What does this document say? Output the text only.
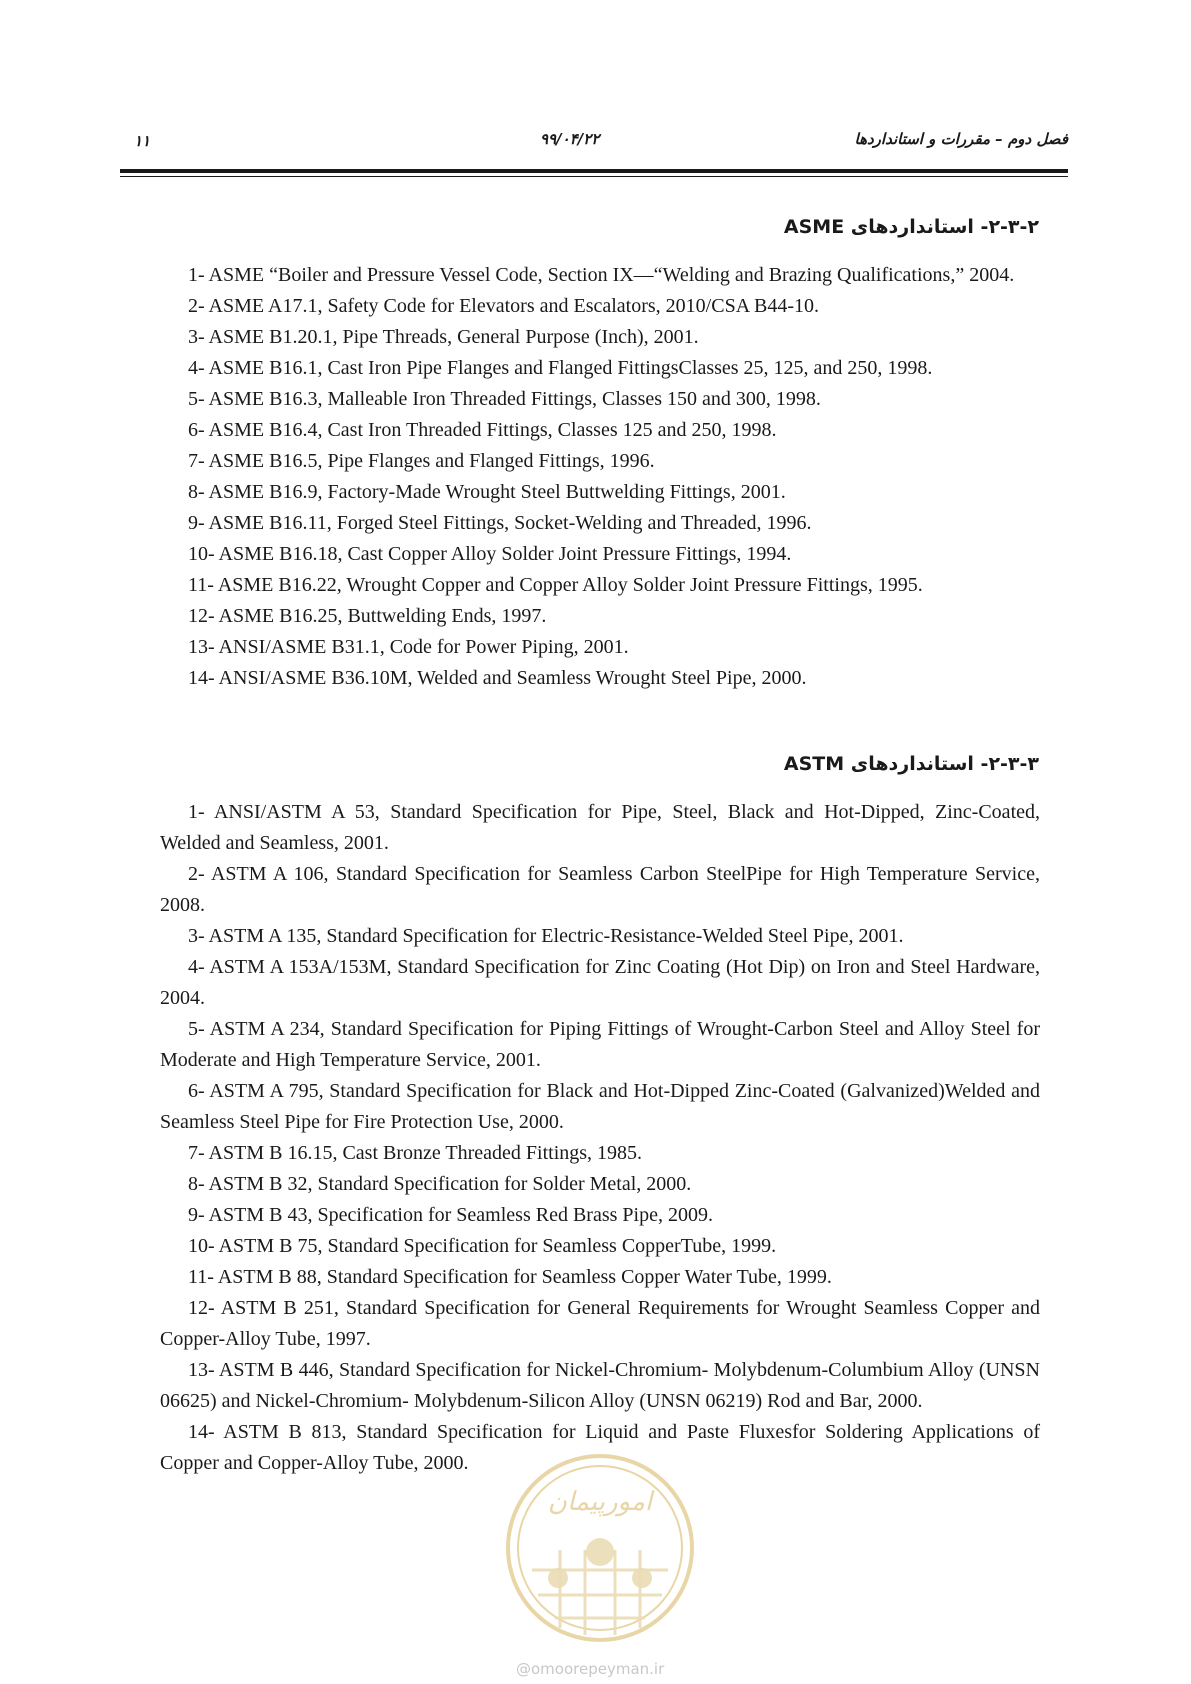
۱۱	۹۹/۰۴/۲۲	فصل دوم – مقررات و استانداردها
۲-۳-۲- استانداردهای ASME

1- ASME “Boiler and Pressure Vessel Code, Section IX—“Welding and Brazing Qualifications,” 2004.

2- ASME A17.1, Safety Code for Elevators and Escalators, 2010/CSA B44-10.

3- ASME B1.20.1, Pipe Threads, General Purpose (Inch), 2001.

4- ASME B16.1, Cast Iron Pipe Flanges and Flanged FittingsClasses 25, 125, and 250, 1998.

5- ASME B16.3, Malleable Iron Threaded Fittings, Classes 150 and 300, 1998.

6- ASME B16.4, Cast Iron Threaded Fittings, Classes 125 and 250, 1998.

7- ASME B16.5, Pipe Flanges and Flanged Fittings, 1996.

8- ASME B16.9, Factory-Made Wrought Steel Buttwelding Fittings, 2001.

9- ASME B16.11, Forged Steel Fittings, Socket-Welding and Threaded, 1996.

10- ASME B16.18, Cast Copper Alloy Solder Joint Pressure Fittings, 1994.

11- ASME B16.22, Wrought Copper and Copper Alloy Solder Joint Pressure Fittings, 1995.

12- ASME B16.25, Buttwelding Ends, 1997.

13- ANSI/ASME B31.1, Code for Power Piping, 2001.

14- ANSI/ASME B36.10M, Welded and Seamless Wrought Steel Pipe, 2000.

۲-۳-۳- استانداردهای ASTM

1- ANSI/ASTM A 53, Standard Specification for Pipe, Steel, Black and Hot-Dipped, Zinc-Coated, Welded and Seamless, 2001.

2- ASTM A 106, Standard Specification for Seamless Carbon SteelPipe for High Temperature Service, 2008.

3- ASTM A 135, Standard Specification for Electric-Resistance-Welded Steel Pipe, 2001.

4- ASTM A 153A/153M, Standard Specification for Zinc Coating (Hot Dip) on Iron and Steel Hardware, 2004.

5- ASTM A 234, Standard Specification for Piping Fittings of Wrought-Carbon Steel and Alloy Steel for Moderate and High Temperature Service, 2001.

6- ASTM A 795, Standard Specification for Black and Hot-Dipped Zinc-Coated (Galvanized)Welded and Seamless Steel Pipe for Fire Protection Use, 2000.

7- ASTM B 16.15, Cast Bronze Threaded Fittings, 1985.

8- ASTM B 32, Standard Specification for Solder Metal, 2000.

9- ASTM B 43, Specification for Seamless Red Brass Pipe, 2009.

10- ASTM B 75, Standard Specification for Seamless CopperTube, 1999.

11- ASTM B 88, Standard Specification for Seamless Copper Water Tube, 1999.

12- ASTM B 251, Standard Specification for General Requirements for Wrought Seamless Copper and Copper-Alloy Tube, 1997.

13- ASTM B 446, Standard Specification for Nickel-Chromium- Molybdenum-Columbium Alloy (UNSN 06625) and Nickel-Chromium- Molybdenum-Silicon Alloy (UNSN 06219) Rod and Bar, 2000.

14- ASTM B 813, Standard Specification for Liquid and Paste Fluxesfor Soldering Applications of Copper and Copper-Alloy Tube, 2000.

امورپیمان
@omoorepeyman.ir
